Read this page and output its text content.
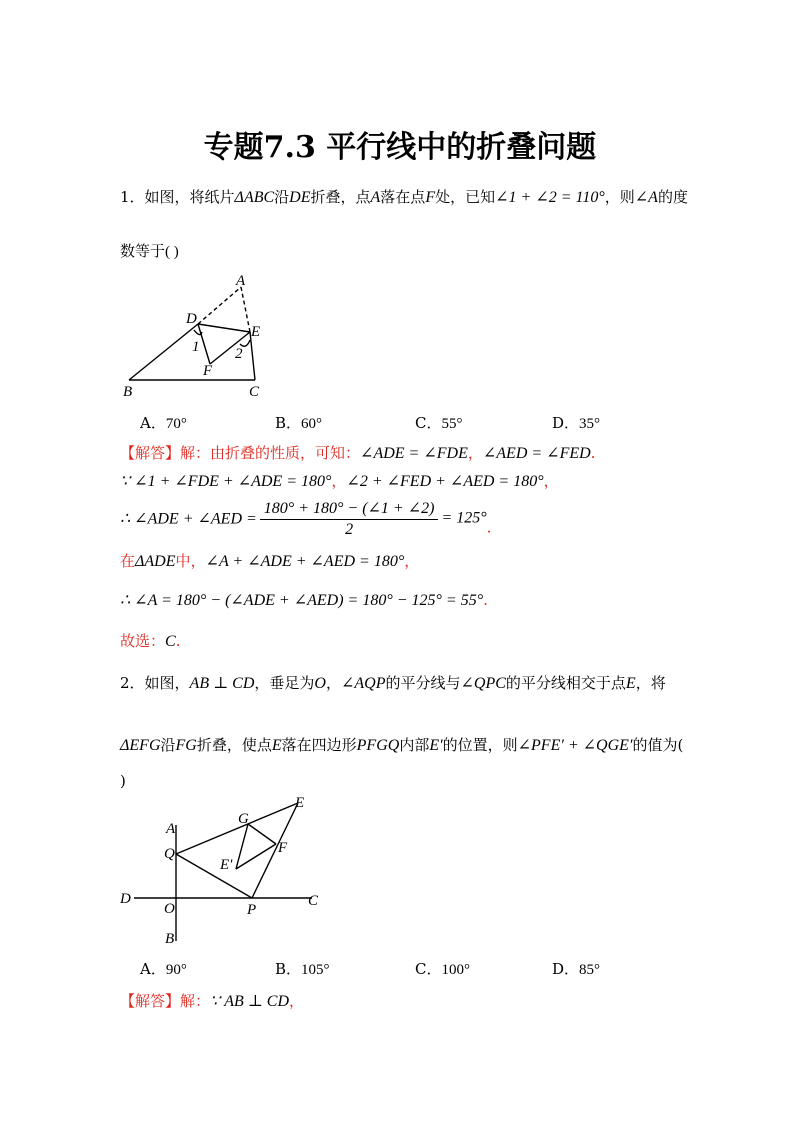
专题7.3 平行线中的折叠问题
1．如图，将纸片ΔABC沿DE折叠，点A落在点F处，已知∠1 + ∠2 = 110°，则∠A的度
数等于( )
A
D
E
1 2
F
B	C
A．70°	B．60°	C．55°	D．35°
【解答】解：由折叠的性质，可知：∠ADE = ∠FDE，∠AED = ∠FED.
∵ ∠1 + ∠FDE + ∠ADE = 180°，∠2 + ∠FED + ∠AED = 180°，
∴ ∠ADE + ∠AED = $\frac{180^\circ + 180^\circ - (\angle 1 + \angle 2)}{2} = 125^\circ$.
在ΔADE中，∠A + ∠ADE + ∠AED = 180°，
∴ ∠A = 180° − (∠ADE + ∠AED) = 180° − 125° = 55°.
故选：C.
2．如图，AB ⊥ CD，垂足为O，∠AQP的平分线与∠QPC的平分线相交于点E，将
ΔEFG沿FG折叠，使点E落在四边形PFGQ内部E′的位置，则∠PFE′ + ∠QGE′的值为(
)
A
Q
G
E
E′
F
D
O	P
C
B
A．90°	B．105°	C．100°	D．85°
【解答】解：∵ AB ⊥ CD，
